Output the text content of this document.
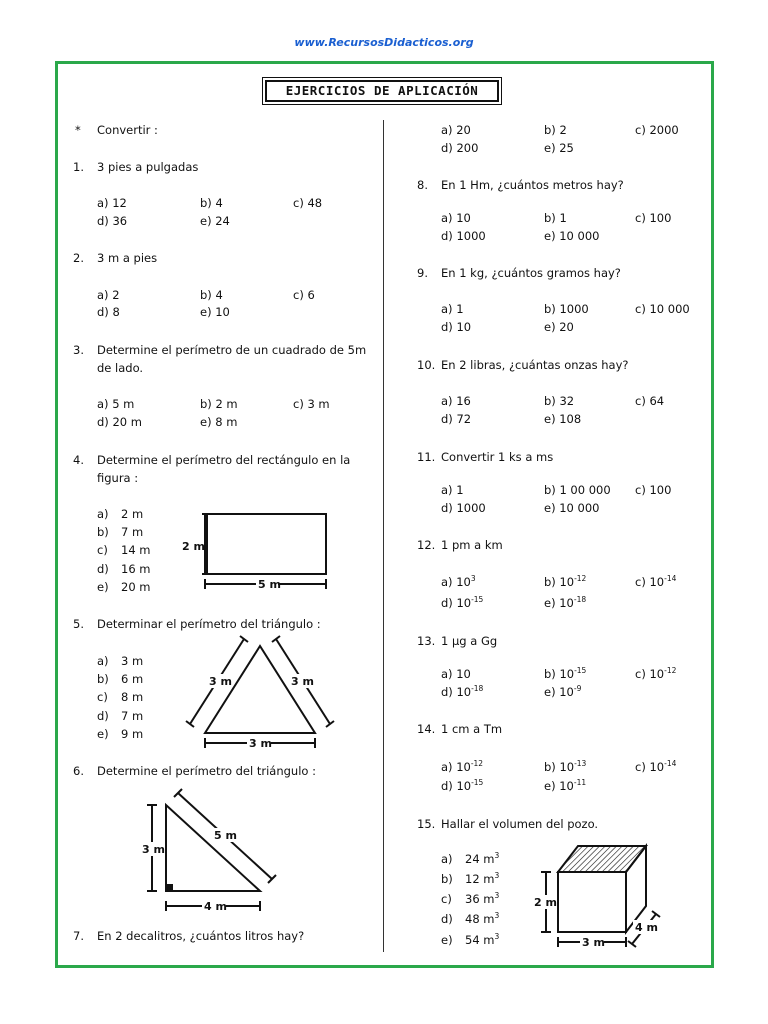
www.RecursosDidacticos.org
EJERCICIOS DE APLICACIÓN
* Convertir :
1. 3 pies a pulgadas
a) 12	b) 4	c) 48
d) 36	e) 24
2. 3 m a pies
a) 2	b) 4	c) 6
d) 8	e) 10
3. Determine el perímetro de un cuadrado de 5m
de lado.
a) 5 m	b) 2 m	c) 3 m
d) 20 m	e) 8 m
4. Determine el perímetro del rectángulo en la
figura :
a) 2 m
b) 7 m
c) 14 m
d) 16 m
e) 20 m
2 m
5 m
5. Determinar el perímetro del triángulo :
a) 3 m
b) 6 m
c) 8 m
d) 7 m
e) 9 m
3 m	3 m
3 m
6. Determine el perímetro del triángulo :
3 m
5 m
4 m
7. En 2 decalitros, ¿cuántos litros hay?
a) 20	b) 2	c) 2000
d) 200	e) 25
8. En 1 Hm, ¿cuántos metros hay?
a) 10	b) 1	c) 100
d) 1000	e) 10 000
9. En 1 kg, ¿cuántos gramos hay?
a) 1	b) 1000	c) 10 000
d) 10	e) 20
10. En 2 libras, ¿cuántas onzas hay?
a) 16	b) 32	c) 64
d) 72	e) 108
11. Convertir 1 ks a ms
a) 1	b) 1 00 000 c) 100
d) 1000	e) 10 000
12. 1 pm a km
a) $10^3$	b) $10^{-12}$	c) $10^{-14}$
d) $10^{-15}$	e) $10^{-18}$
13. 1 μg a Gg
a) 10	b) $10^{-15}$	c) $10^{-12}$
d) $10^{-18}$	e) $10^{-9}$
14. 1 cm a Tm
a) $10^{-12}$	b) $10^{-13}$	c) $10^{-14}$
d) $10^{-15}$	e) $10^{-11}$
15. Hallar el volumen del pozo.
a) 24 $m^3$
b) 12 $m^3$
c) 36 $m^3$
d) 48 $m^3$
e) 54 $m^3$
2 m
3 m
4 m
